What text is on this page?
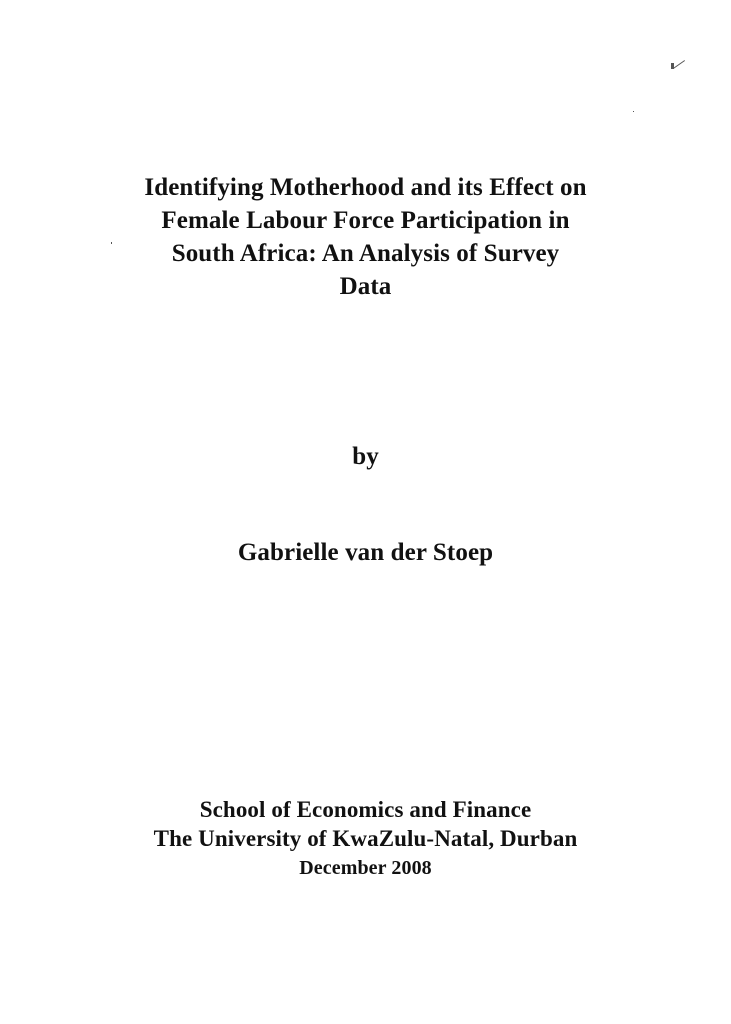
Identifying Motherhood and its Effect on
Female Labour Force Participation in
South Africa: An Analysis of Survey
Data
by
Gabrielle van der Stoep
School of Economics and Finance
The University of KwaZulu-Natal, Durban
December 2008
